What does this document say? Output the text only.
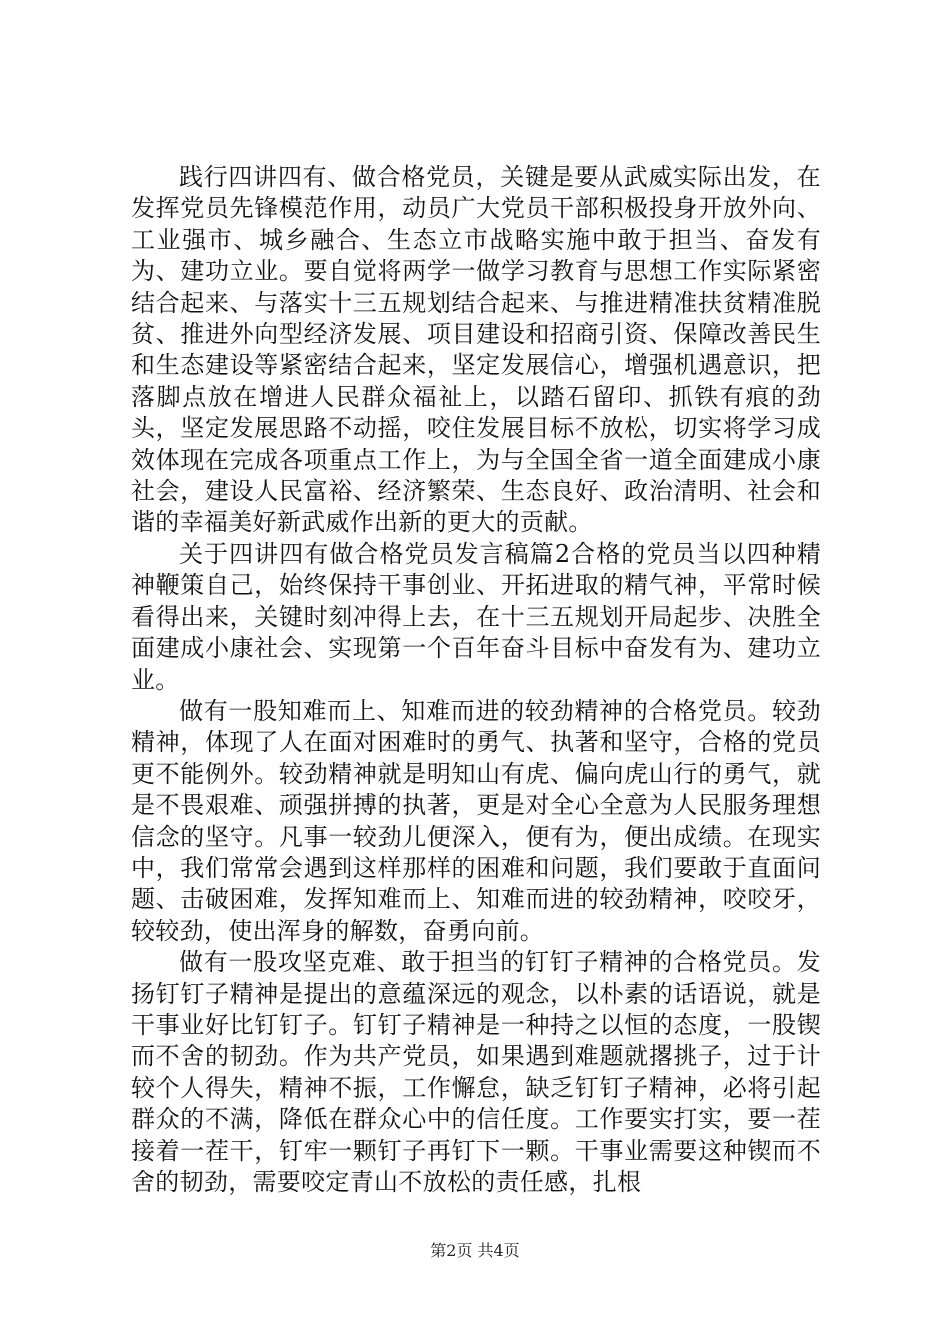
践行四讲四有、做合格党员，关键是要从武威实际出发，在发挥党员先锋模范作用，动员广大党员干部积极投身开放外向、工业强市、城乡融合、生态立市战略实施中敢于担当、奋发有为、建功立业。要自觉将两学一做学习教育与思想工作实际紧密结合起来、与落实十三五规划结合起来、与推进精准扶贫精准脱贫、推进外向型经济发展、项目建设和招商引资、保障改善民生和生态建设等紧密结合起来，坚定发展信心，增强机遇意识，把落脚点放在增进人民群众福祉上，以踏石留印、抓铁有痕的劲头，坚定发展思路不动摇，咬住发展目标不放松，切实将学习成效体现在完成各项重点工作上，为与全国全省一道全面建成小康社会，建设人民富裕、经济繁荣、生态良好、政治清明、社会和谐的幸福美好新武威作出新的更大的贡献。

关于四讲四有做合格党员发言稿篇2合格的党员当以四种精神鞭策自己，始终保持干事创业、开拓进取的精气神，平常时候看得出来，关键时刻冲得上去，在十三五规划开局起步、决胜全面建成小康社会、实现第一个百年奋斗目标中奋发有为、建功立业。

做有一股知难而上、知难而进的较劲精神的合格党员。较劲精神，体现了人在面对困难时的勇气、执著和坚守，合格的党员更不能例外。较劲精神就是明知山有虎、偏向虎山行的勇气，就是不畏艰难、顽强拼搏的执著，更是对全心全意为人民服务理想信念的坚守。凡事一较劲儿便深入，便有为，便出成绩。在现实中，我们常常会遇到这样那样的困难和问题，我们要敢于直面问题、击破困难，发挥知难而上、知难而进的较劲精神，咬咬牙，较较劲，使出浑身的解数，奋勇向前。

做有一股攻坚克难、敢于担当的钉钉子精神的合格党员。发扬钉钉子精神是提出的意蕴深远的观念，以朴素的话语说，就是干事业好比钉钉子。钉钉子精神是一种持之以恒的态度，一股锲而不舍的韧劲。作为共产党员，如果遇到难题就撂挑子，过于计较个人得失，精神不振，工作懈怠，缺乏钉钉子精神，必将引起群众的不满，降低在群众心中的信任度。工作要实打实，要一茬接着一茬干，钉牢一颗钉子再钉下一颗。干事业需要这种锲而不舍的韧劲，需要咬定青山不放松的责任感，扎根

第2页 共4页
